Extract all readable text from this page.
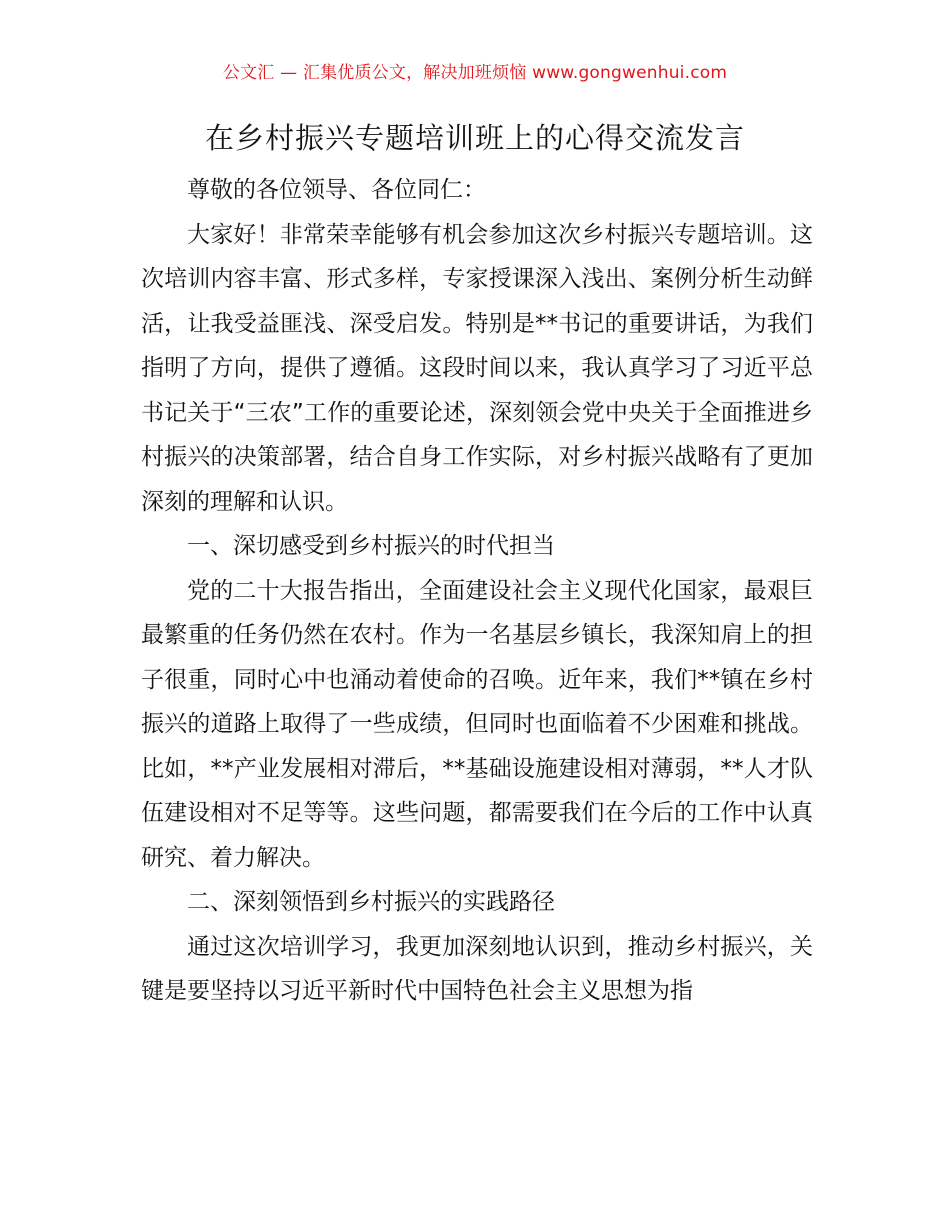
公文汇 — 汇集优质公文，解决加班烦恼 www.gongwenhui.com
在乡村振兴专题培训班上的心得交流发言

尊敬的各位领导、各位同仁：

大家好！非常荣幸能够有机会参加这次乡村振兴专题培训。这次培训内容丰富、形式多样，专家授课深入浅出、案例分析生动鲜活，让我受益匪浅、深受启发。特别是**书记的重要讲话，为我们指明了方向，提供了遵循。这段时间以来，我认真学习了习近平总书记关于“三农”工作的重要论述，深刻领会党中央关于全面推进乡村振兴的决策部署，结合自身工作实际，对乡村振兴战略有了更加深刻的理解和认识。

一、深切感受到乡村振兴的时代担当

党的二十大报告指出，全面建设社会主义现代化国家，最艰巨最繁重的任务仍然在农村。作为一名基层乡镇长，我深知肩上的担子很重，同时心中也涌动着使命的召唤。近年来，我们**镇在乡村振兴的道路上取得了一些成绩，但同时也面临着不少困难和挑战。比如，**产业发展相对滞后，**基础设施建设相对薄弱，**人才队伍建设相对不足等等。这些问题，都需要我们在今后的工作中认真研究、着力解决。

二、深刻领悟到乡村振兴的实践路径

通过这次培训学习，我更加深刻地认识到，推动乡村振兴，关键是要坚持以习近平新时代中国特色社会主义思想为指
